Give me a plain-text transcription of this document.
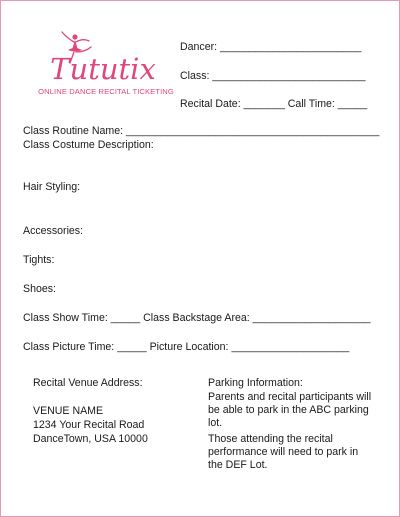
Tututix
ONLINE DANCE RECITAL TICKETING
Dancer: ________________________
Class: __________________________
Recital Date: _______ Call Time: _____
Class Routine Name: ___________________________________________
Class Costume Description:
Hair Styling:
Accessories:
Tights:
Shoes:
Class Show Time: _____ Class Backstage Area: ____________________
Class Picture Time: _____ Picture Location: ____________________
Recital Venue Address:
VENUE NAME
1234 Your Recital Road
DanceTown, USA 10000
Parking Information:
Parents and recital participants will
be able to park in the ABC parking
lot.
Those attending the recital
performance will need to park in
the DEF Lot.
